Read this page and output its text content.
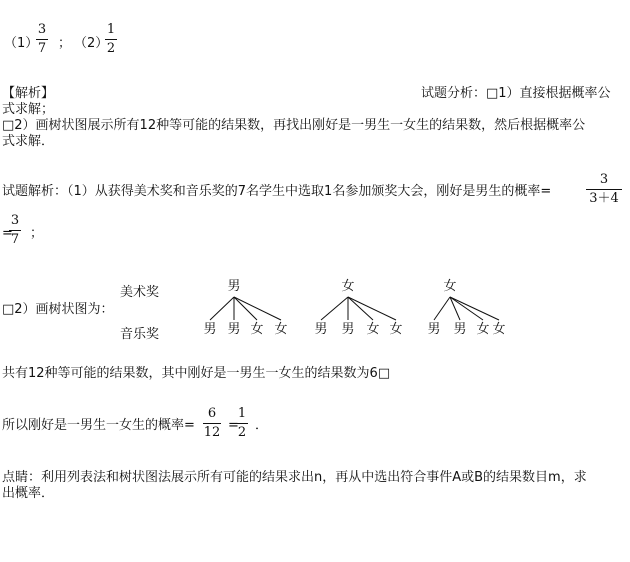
（1）
3
7 ； （2）
1
2
【解析】	试题分析：□1）直接根据概率公
式求解；
□2）画树状图展示所有12种等可能的结果数，再找出刚好是一男生一女生的结果数，然后根据概率公
式求解．
试题解析：（1）从获得美术奖和音乐奖的7名学生中选取1名参加颁奖大会，刚好是男生的概率=
3
3＋4
=
3
7 ；
□2）画树状图为：
美术奖
音乐奖
男
男 男 女 女
女
男 男 女 女
女
男 男 女 女
共有12种等可能的结果数，其中刚好是一男生一女生的结果数为6□
所以刚好是一男生一女生的概率=
6
12 =
1
2 ．
点睛：利用列表法和树状图法展示所有可能的结果求出n，再从中选出符合事件A或B的结果数目m，求
出概率．
